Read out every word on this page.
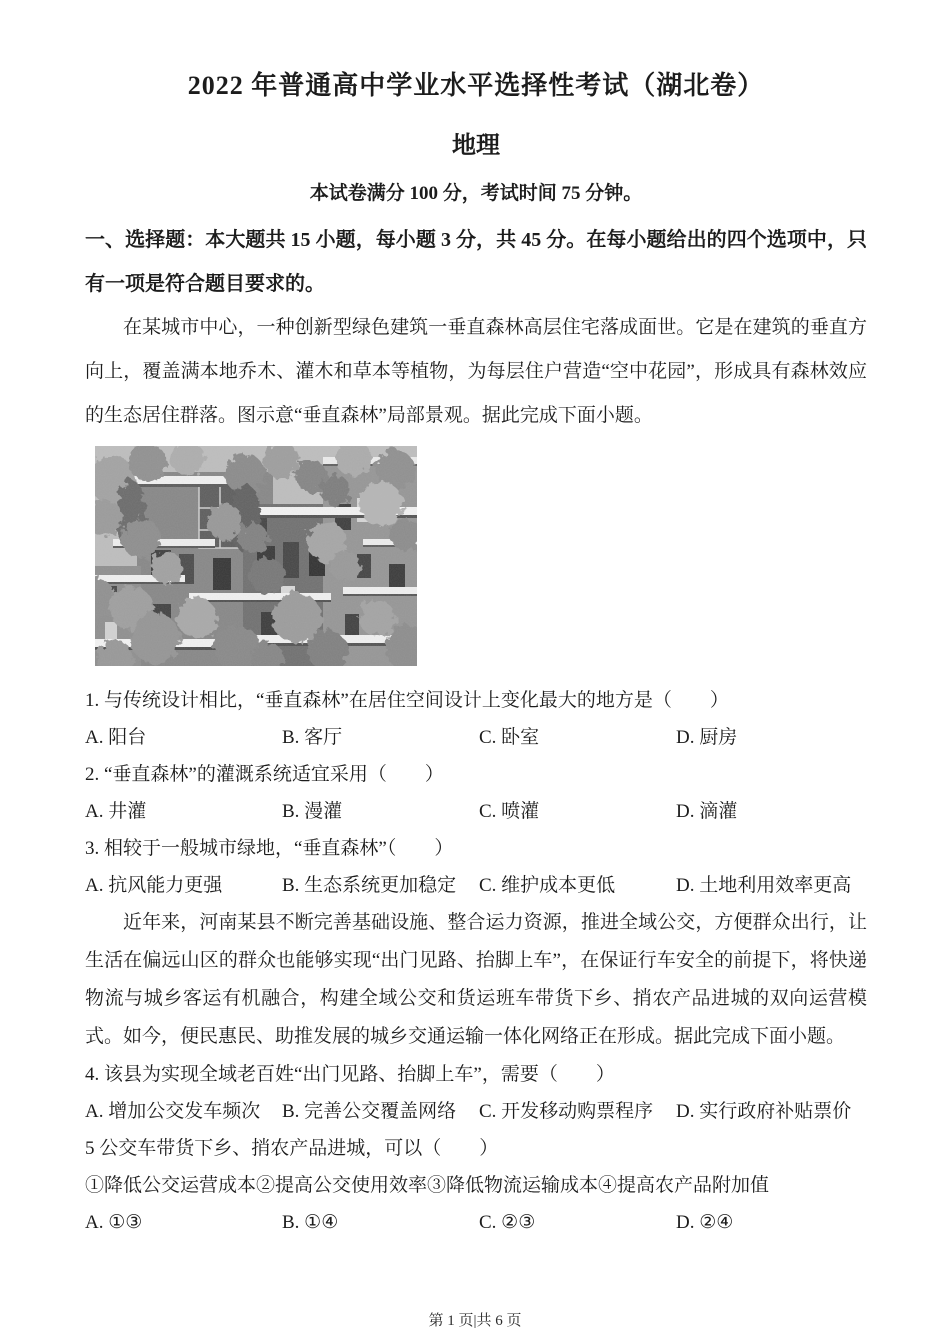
2022 年普通高中学业水平选择性考试（湖北卷）
地理

本试卷满分 100 分，考试时间 75 分钟。

一、选择题：本大题共 15 小题，每小题 3 分，共 45 分。在每小题给出的四个选项中，只有一项是符合题目要求的。

在某城市中心，一种创新型绿色建筑一垂直森林高层住宅落成面世。它是在建筑的垂直方向上，覆盖满本地乔木、灌木和草本等植物，为每层住户营造“空中花园”，形成具有森林效应的生态居住群落。图示意“垂直森林”局部景观。据此完成下面小题。

1. 与传统设计相比，“垂直森林”在居住空间设计上变化最大的地方是（　　）
A. 阳台	B. 客厅	C. 卧室	D. 厨房
2. “垂直森林”的灌溉系统适宜采用（　　）
A. 井灌	B. 漫灌	C. 喷灌	D. 滴灌
3. 相较于一般城市绿地，“垂直森林”（　　）
A. 抗风能力更强	B. 生态系统更加稳定	C. 维护成本更低	D. 土地利用效率更高

近年来，河南某县不断完善基础设施、整合运力资源，推进全域公交，方便群众出行，让生活在偏远山区的群众也能够实现“出门见路、抬脚上车”，在保证行车安全的前提下，将快递物流与城乡客运有机融合，构建全域公交和货运班车带货下乡、捎农产品进城的双向运营模式。如今，便民惠民、助推发展的城乡交通运输一体化网络正在形成。据此完成下面小题。

4. 该县为实现全域老百姓“出门见路、抬脚上车”，需要（　　）
A. 增加公交发车频次	B. 完善公交覆盖网络	C. 开发移动购票程序	D. 实行政府补贴票价
5 公交车带货下乡、捎农产品进城，可以（　　）
①降低公交运营成本②提高公交使用效率③降低物流运输成本④提高农产品附加值
A. ①③	B. ①④	C. ②③	D. ②④
第 1 页|共 6 页
